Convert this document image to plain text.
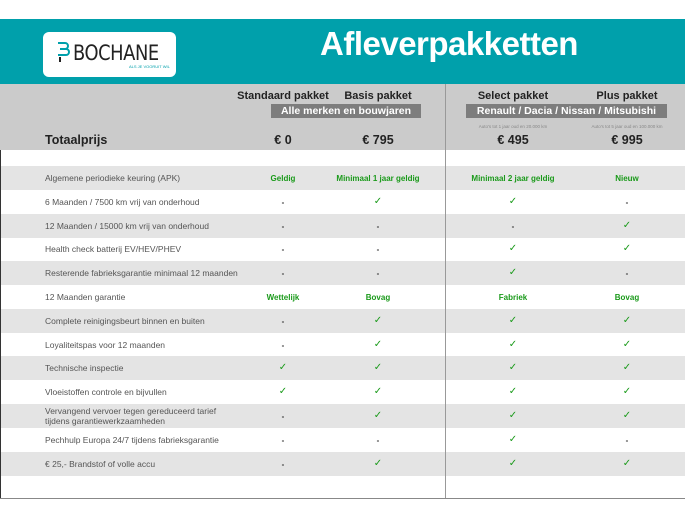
BOCHANE
ALS JE VOORUIT WIL
Afleverpakketten
Standaard pakket	Basis pakket	Select pakket	Plus pakket
Alle merken en bouwjaren	Renault / Dacia / Nissan / Mitsubishi
Auto's tot 1 jaar oud en 20.000 km	Auto's tot 5 jaar oud en 100.000 km
Totaalprijs	€ 0	€ 795	€ 495	€ 995
Algemene periodieke keuring (APK)	Geldig	Minimaal 1 jaar geldig	Minimaal 2 jaar geldig	Nieuw
6 Maanden / 7500 km vrij van onderhoud	-	✓	✓	-
12 Maanden / 15000 km vrij van onderhoud	-	-	-	✓
Health check batterij EV/HEV/PHEV	-	-	✓	✓
Resterende fabrieksgarantie minimaal 12 maanden	-	-	✓	-
12 Maanden garantie	Wettelijk	Bovag	Fabriek	Bovag
Complete reinigingsbeurt binnen en buiten	-	✓	✓	✓
Loyaliteitspas voor 12 maanden	-	✓	✓	✓
Technische inspectie	✓	✓	✓	✓
Vloeistoffen controle en bijvullen	✓	✓	✓	✓
Vervangend vervoer tegen gereduceerd tarief tijdens garantiewerkzaamheden	-	✓	✓	✓
Pechhulp Europa 24/7 tijdens fabrieksgarantie	-	-	✓	-
€ 25,- Brandstof of volle accu	-	✓	✓	✓
